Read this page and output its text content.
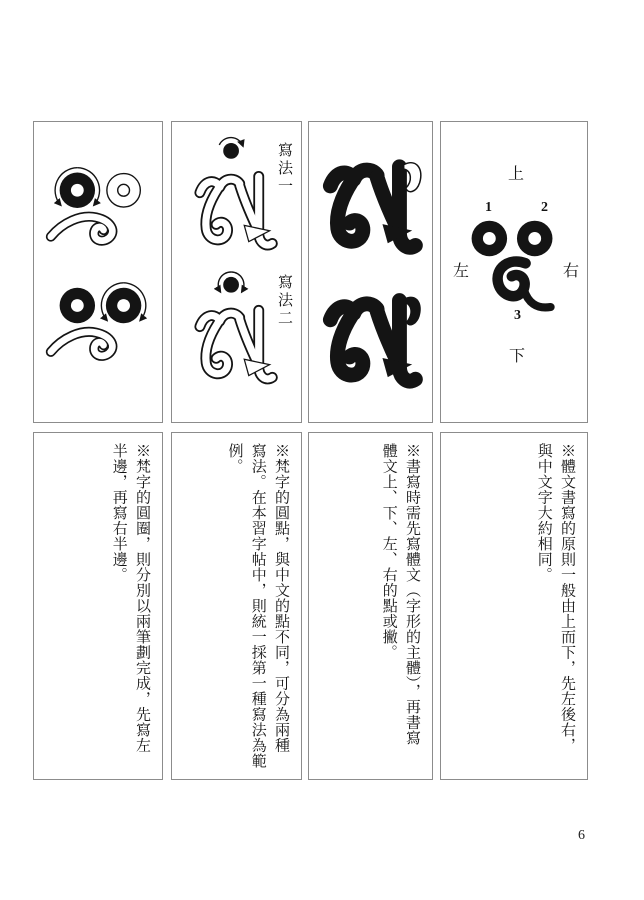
寫法一
寫法二
上
1	2
左	右
3
下
※梵字的圓圈，則分別以兩筆劃完成，先寫左
半邊，再寫右半邊。	※梵字的圓點，與中文的點不同，可分為兩種
寫法。在本習字帖中，則統一採第一種寫法為範
例。	※書寫時需先寫體文（字形的主體），再書寫
體文上、下、左、右的點或撇。	※體文書寫的原則一般由上而下，先左後右，
與中文字大約相同。
6
